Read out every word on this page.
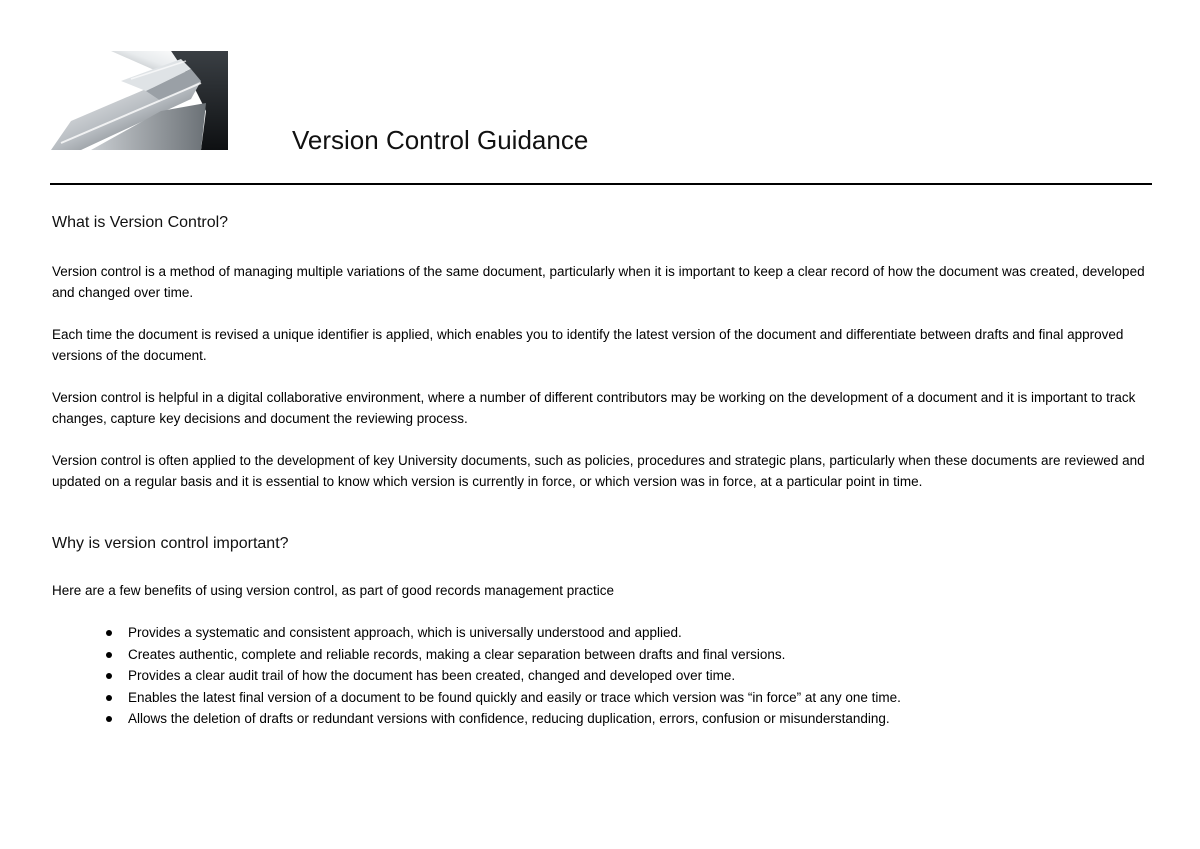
Version Control Guidance
What is Version Control?

Version control is a method of managing multiple variations of the same document, particularly when it is important to keep a clear record of how the document was created, developed and changed over time.

Each time the document is revised a unique identifier is applied, which enables you to identify the latest version of the document and differentiate between drafts and final approved versions of the document.

Version control is helpful in a digital collaborative environment, where a number of different contributors may be working on the development of a document and it is important to track changes, capture key decisions and document the reviewing process.

Version control is often applied to the development of key University documents, such as policies, procedures and strategic plans, particularly when these documents are reviewed and updated on a regular basis and it is essential to know which version is currently in force, or which version was in force, at a particular point in time.

Why is version control important?

Here are a few benefits of using version control, as part of good records management practice

Provides a systematic and consistent approach, which is universally understood and applied.
Creates authentic, complete and reliable records, making a clear separation between drafts and final versions.
Provides a clear audit trail of how the document has been created, changed and developed over time.
Enables the latest final version of a document to be found quickly and easily or trace which version was “in force” at any one time.
Allows the deletion of drafts or redundant versions with confidence, reducing duplication, errors, confusion or misunderstanding.
